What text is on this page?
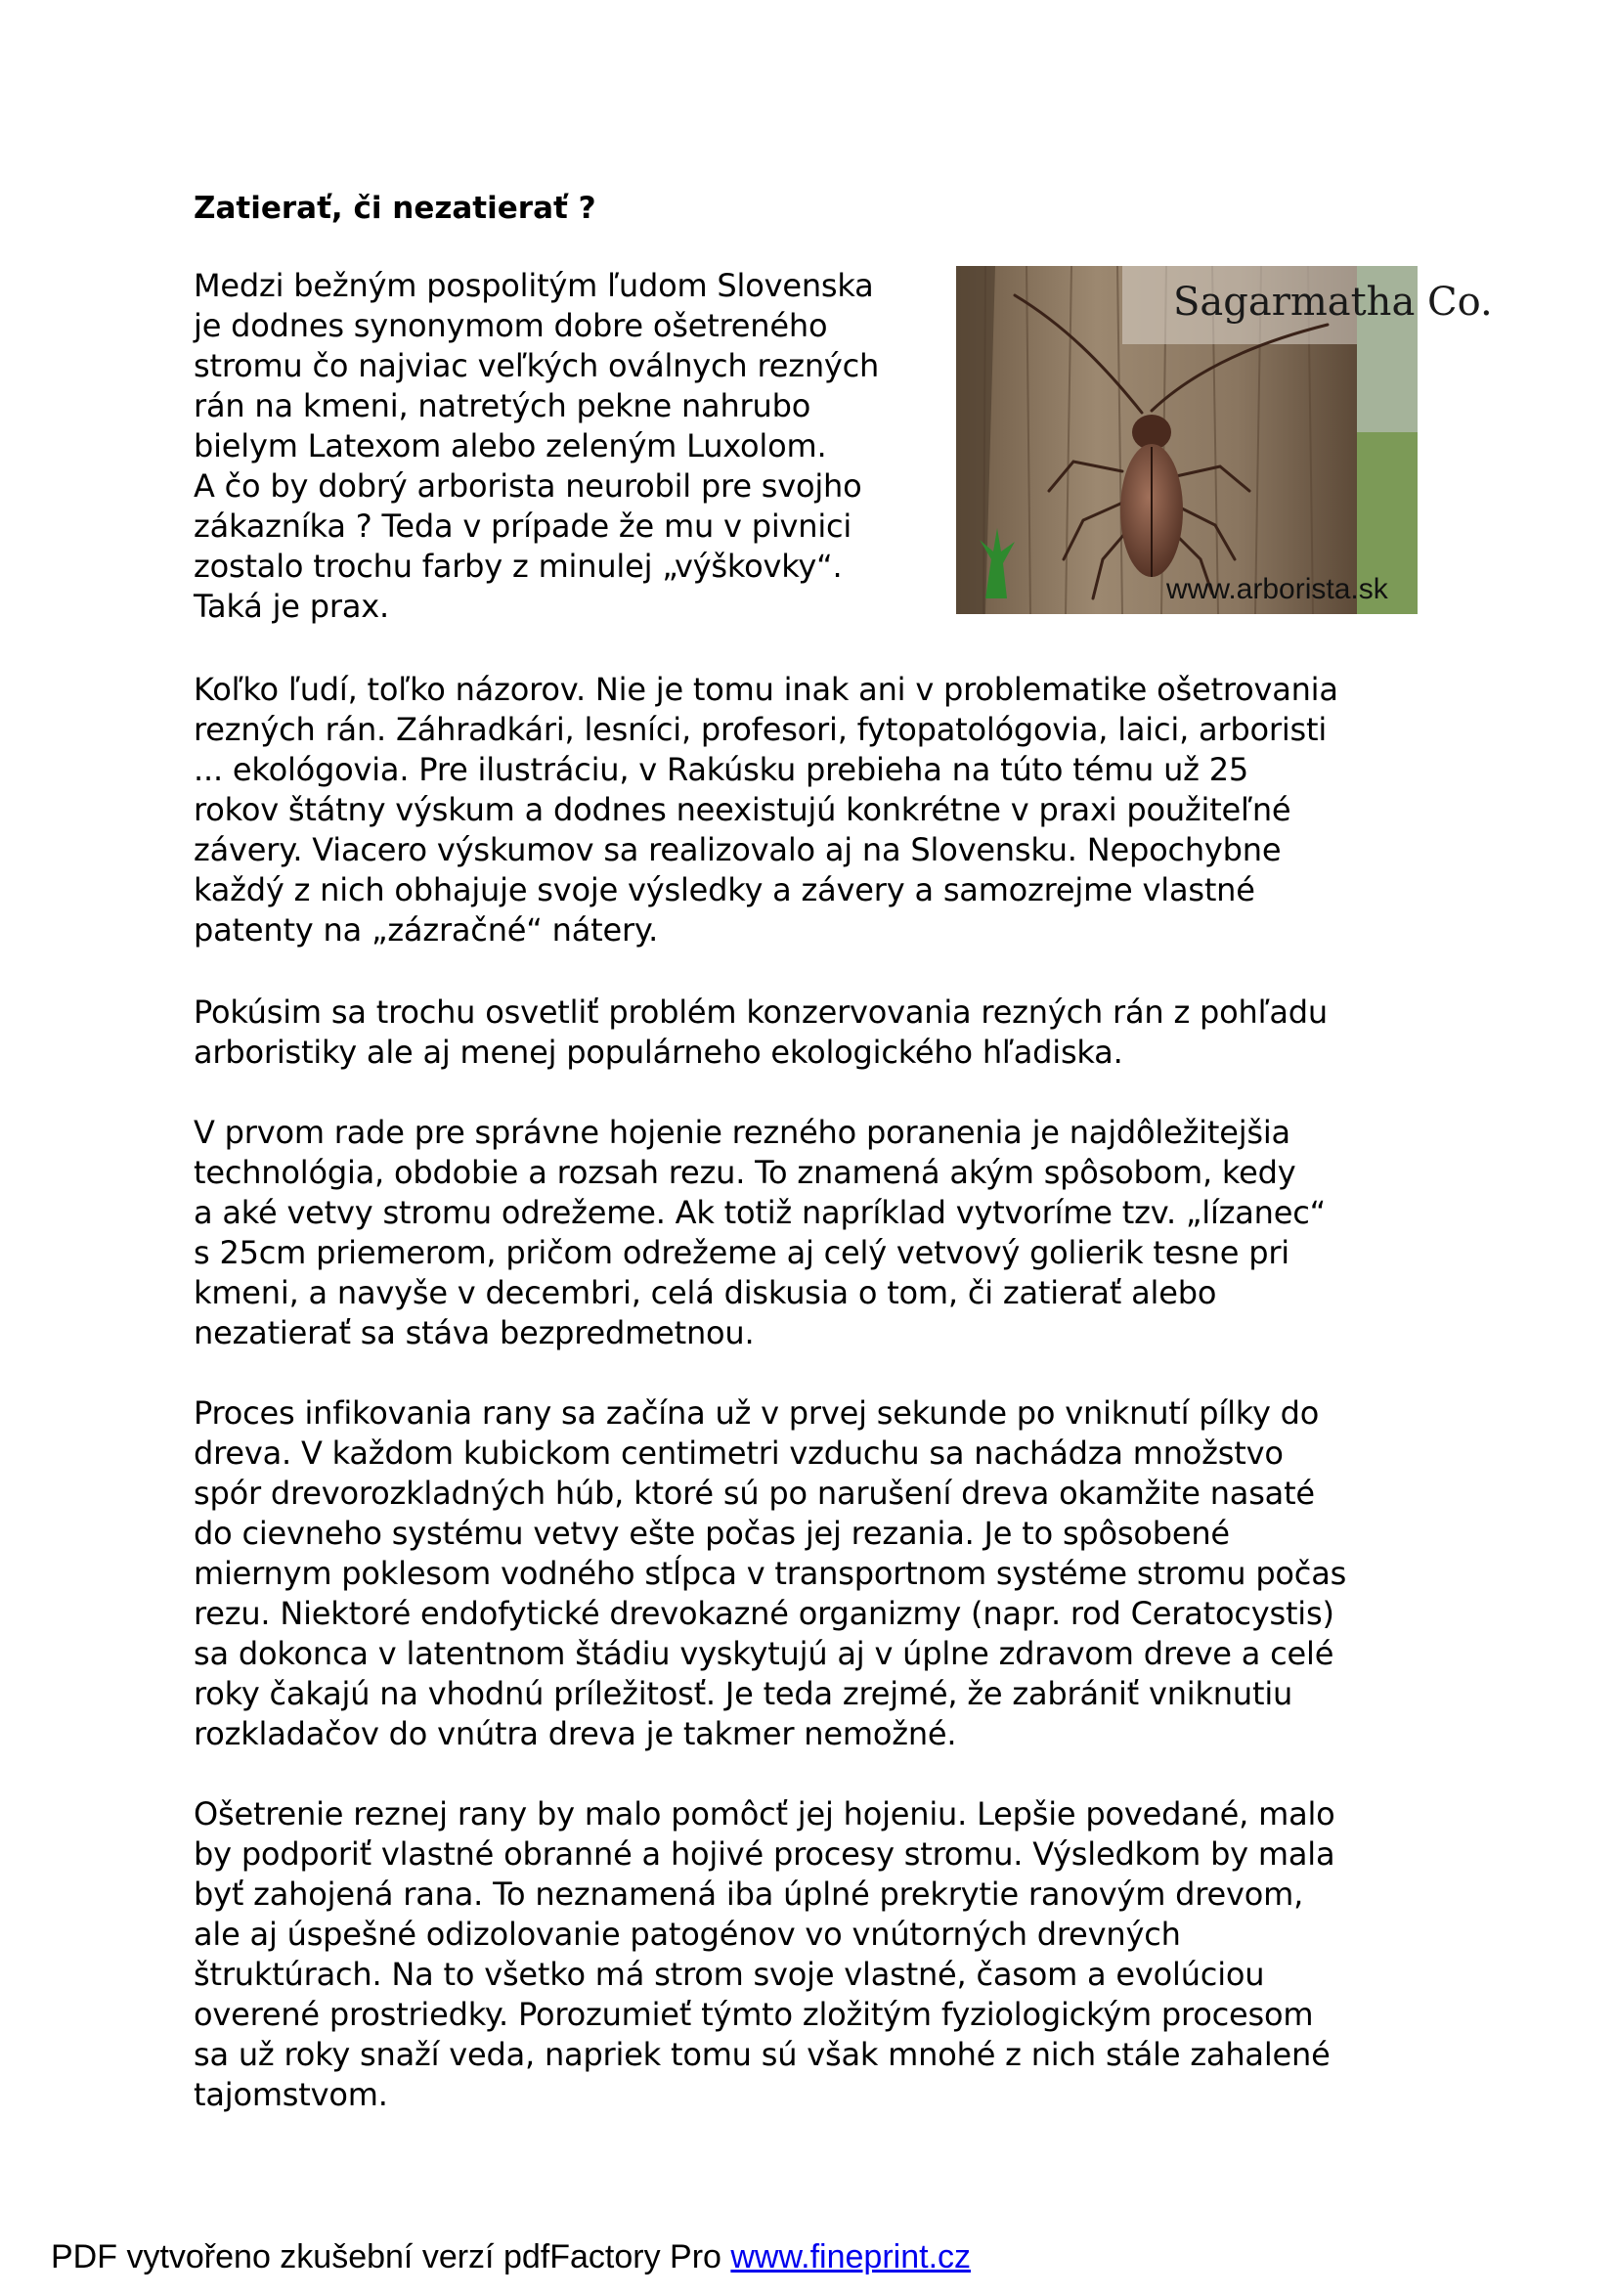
Zatierať, či nezatierať ?
Medzi bežným pospolitým ľudom Slovenska
je dodnes synonymom dobre ošetreného
stromu čo najviac veľkých oválnych rezných
rán na kmeni, natretých pekne nahrubo
bielym Latexom alebo zeleným Luxolom.
A čo by dobrý arborista neurobil pre svojho
zákazníka ? Teda v prípade že mu v pivnici
zostalo trochu farby z minulej „výškovky“.
Taká je prax.
Sagarmatha Co.
www.arborista.sk
Koľko ľudí, toľko názorov. Nie je tomu inak ani v problematike ošetrovania
rezných rán. Záhradkári, lesníci, profesori, fytopatológovia, laici, arboristi
... ekológovia. Pre ilustráciu, v Rakúsku prebieha na túto tému už 25
rokov štátny výskum a dodnes neexistujú konkrétne v praxi použiteľné
závery. Viacero výskumov sa realizovalo aj na Slovensku. Nepochybne
každý z nich obhajuje svoje výsledky a závery a samozrejme vlastné
patenty na „zázračné“ nátery.
Pokúsim sa trochu osvetliť problém konzervovania rezných rán z pohľadu
arboristiky ale aj menej populárneho ekologického hľadiska.
V prvom rade pre správne hojenie rezného poranenia je najdôležitejšia
technológia, obdobie a rozsah rezu. To znamená akým spôsobom, kedy
a aké vetvy stromu odrežeme. Ak totiž napríklad vytvoríme tzv. „lízanec“
s 25cm priemerom, pričom odrežeme aj celý vetvový golierik tesne pri
kmeni, a navyše v decembri, celá diskusia o tom, či zatierať alebo
nezatierať sa stáva bezpredmetnou.
Proces infikovania rany sa začína už v prvej sekunde po vniknutí pílky do
dreva. V každom kubickom centimetri vzduchu sa nachádza množstvo
spór drevorozkladných húb, ktoré sú po narušení dreva okamžite nasaté
do cievneho systému vetvy ešte počas jej rezania. Je to spôsobené
miernym poklesom vodného stĺpca v transportnom systéme stromu počas
rezu. Niektoré endofytické drevokazné organizmy (napr. rod Ceratocystis)
sa dokonca v latentnom štádiu vyskytujú aj v úplne zdravom dreve a celé
roky čakajú na vhodnú príležitosť. Je teda zrejmé, že zabrániť vniknutiu
rozkladačov do vnútra dreva je takmer nemožné.
Ošetrenie reznej rany by malo pomôcť jej hojeniu. Lepšie povedané, malo
by podporiť vlastné obranné a hojivé procesy stromu. Výsledkom by mala
byť zahojená rana. To neznamená iba úplné prekrytie ranovým drevom,
ale aj úspešné odizolovanie patogénov vo vnútorných drevných
štruktúrach. Na to všetko má strom svoje vlastné, časom a evolúciou
overené prostriedky. Porozumieť týmto zložitým fyziologickým procesom
sa už roky snaží veda, napriek tomu sú však mnohé z nich stále zahalené
tajomstvom.
PDF vytvořeno zkušební verzí pdfFactory Pro www.fineprint.cz
